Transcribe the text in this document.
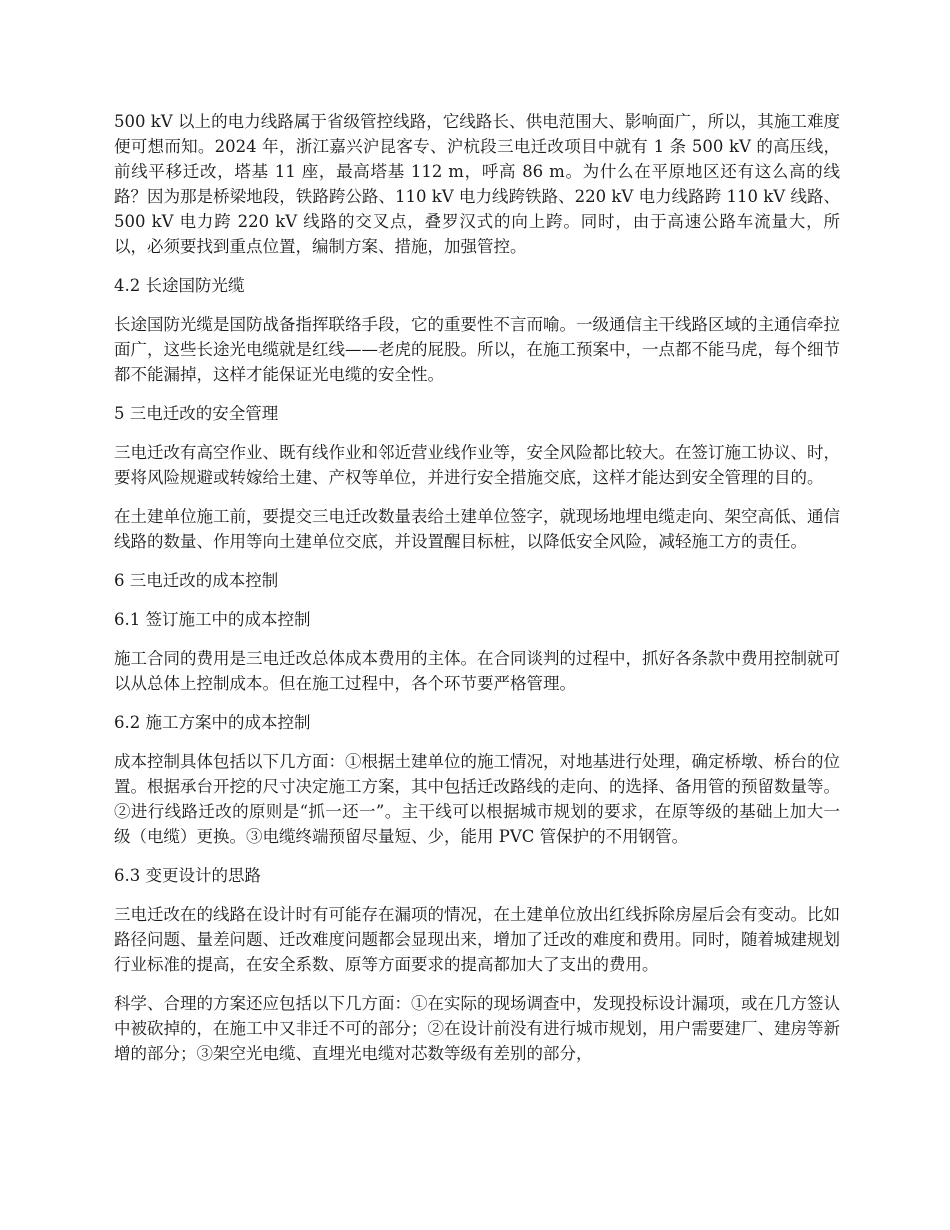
500 kV 以上的电力线路属于省级管控线路，它线路长、供电范围大、影响面广，所以，其施工难度便可想而知。2024 年，浙江嘉兴沪昆客专、沪杭段三电迁改项目中就有 1 条 500 kV 的高压线，前线平移迁改，塔基 11 座，最高塔基 112 m，呼高 86 m。为什么在平原地区还有这么高的线路？因为那是桥梁地段，铁路跨公路、110 kV 电力线跨铁路、220 kV 电力线路跨 110 kV 线路、500 kV 电力跨 220 kV 线路的交叉点，叠罗汉式的向上跨。同时，由于高速公路车流量大，所以，必须要找到重点位置，编制方案、措施，加强管控。

4.2 长途国防光缆

长途国防光缆是国防战备指挥联络手段，它的重要性不言而喻。一级通信主干线路区域的主通信牵拉面广，这些长途光电缆就是红线——老虎的屁股。所以，在施工预案中，一点都不能马虎，每个细节都不能漏掉，这样才能保证光电缆的安全性。

5 三电迁改的安全管理

三电迁改有高空作业、既有线作业和邻近营业线作业等，安全风险都比较大。在签订施工协议、时，要将风险规避或转嫁给土建、产权等单位，并进行安全措施交底，这样才能达到安全管理的目的。

在土建单位施工前，要提交三电迁改数量表给土建单位签字，就现场地埋电缆走向、架空高低、通信线路的数量、作用等向土建单位交底，并设置醒目标桩，以降低安全风险，减轻施工方的责任。

6 三电迁改的成本控制

6.1 签订施工中的成本控制

施工合同的费用是三电迁改总体成本费用的主体。在合同谈判的过程中，抓好各条款中费用控制就可以从总体上控制成本。但在施工过程中，各个环节要严格管理。

6.2 施工方案中的成本控制

成本控制具体包括以下几方面：①根据土建单位的施工情况，对地基进行处理，确定桥墩、桥台的位置。根据承台开挖的尺寸决定施工方案，其中包括迁改路线的走向、的选择、备用管的预留数量等。②进行线路迁改的原则是“抓一还一”。主干线可以根据城市规划的要求，在原等级的基础上加大一级（电缆）更换。③电缆终端预留尽量短、少，能用 PVC 管保护的不用钢管。

6.3 变更设计的思路

三电迁改在的线路在设计时有可能存在漏项的情况，在土建单位放出红线拆除房屋后会有变动。比如路径问题、量差问题、迁改难度问题都会显现出来，增加了迁改的难度和费用。同时，随着城建规划行业标准的提高，在安全系数、原等方面要求的提高都加大了支出的费用。

科学、合理的方案还应包括以下几方面：①在实际的现场调查中，发现投标设计漏项，或在几方签认中被砍掉的，在施工中又非迁不可的部分；②在设计前没有进行城市规划，用户需要建厂、建房等新增的部分；③架空光电缆、直埋光电缆对芯数等级有差别的部分，
